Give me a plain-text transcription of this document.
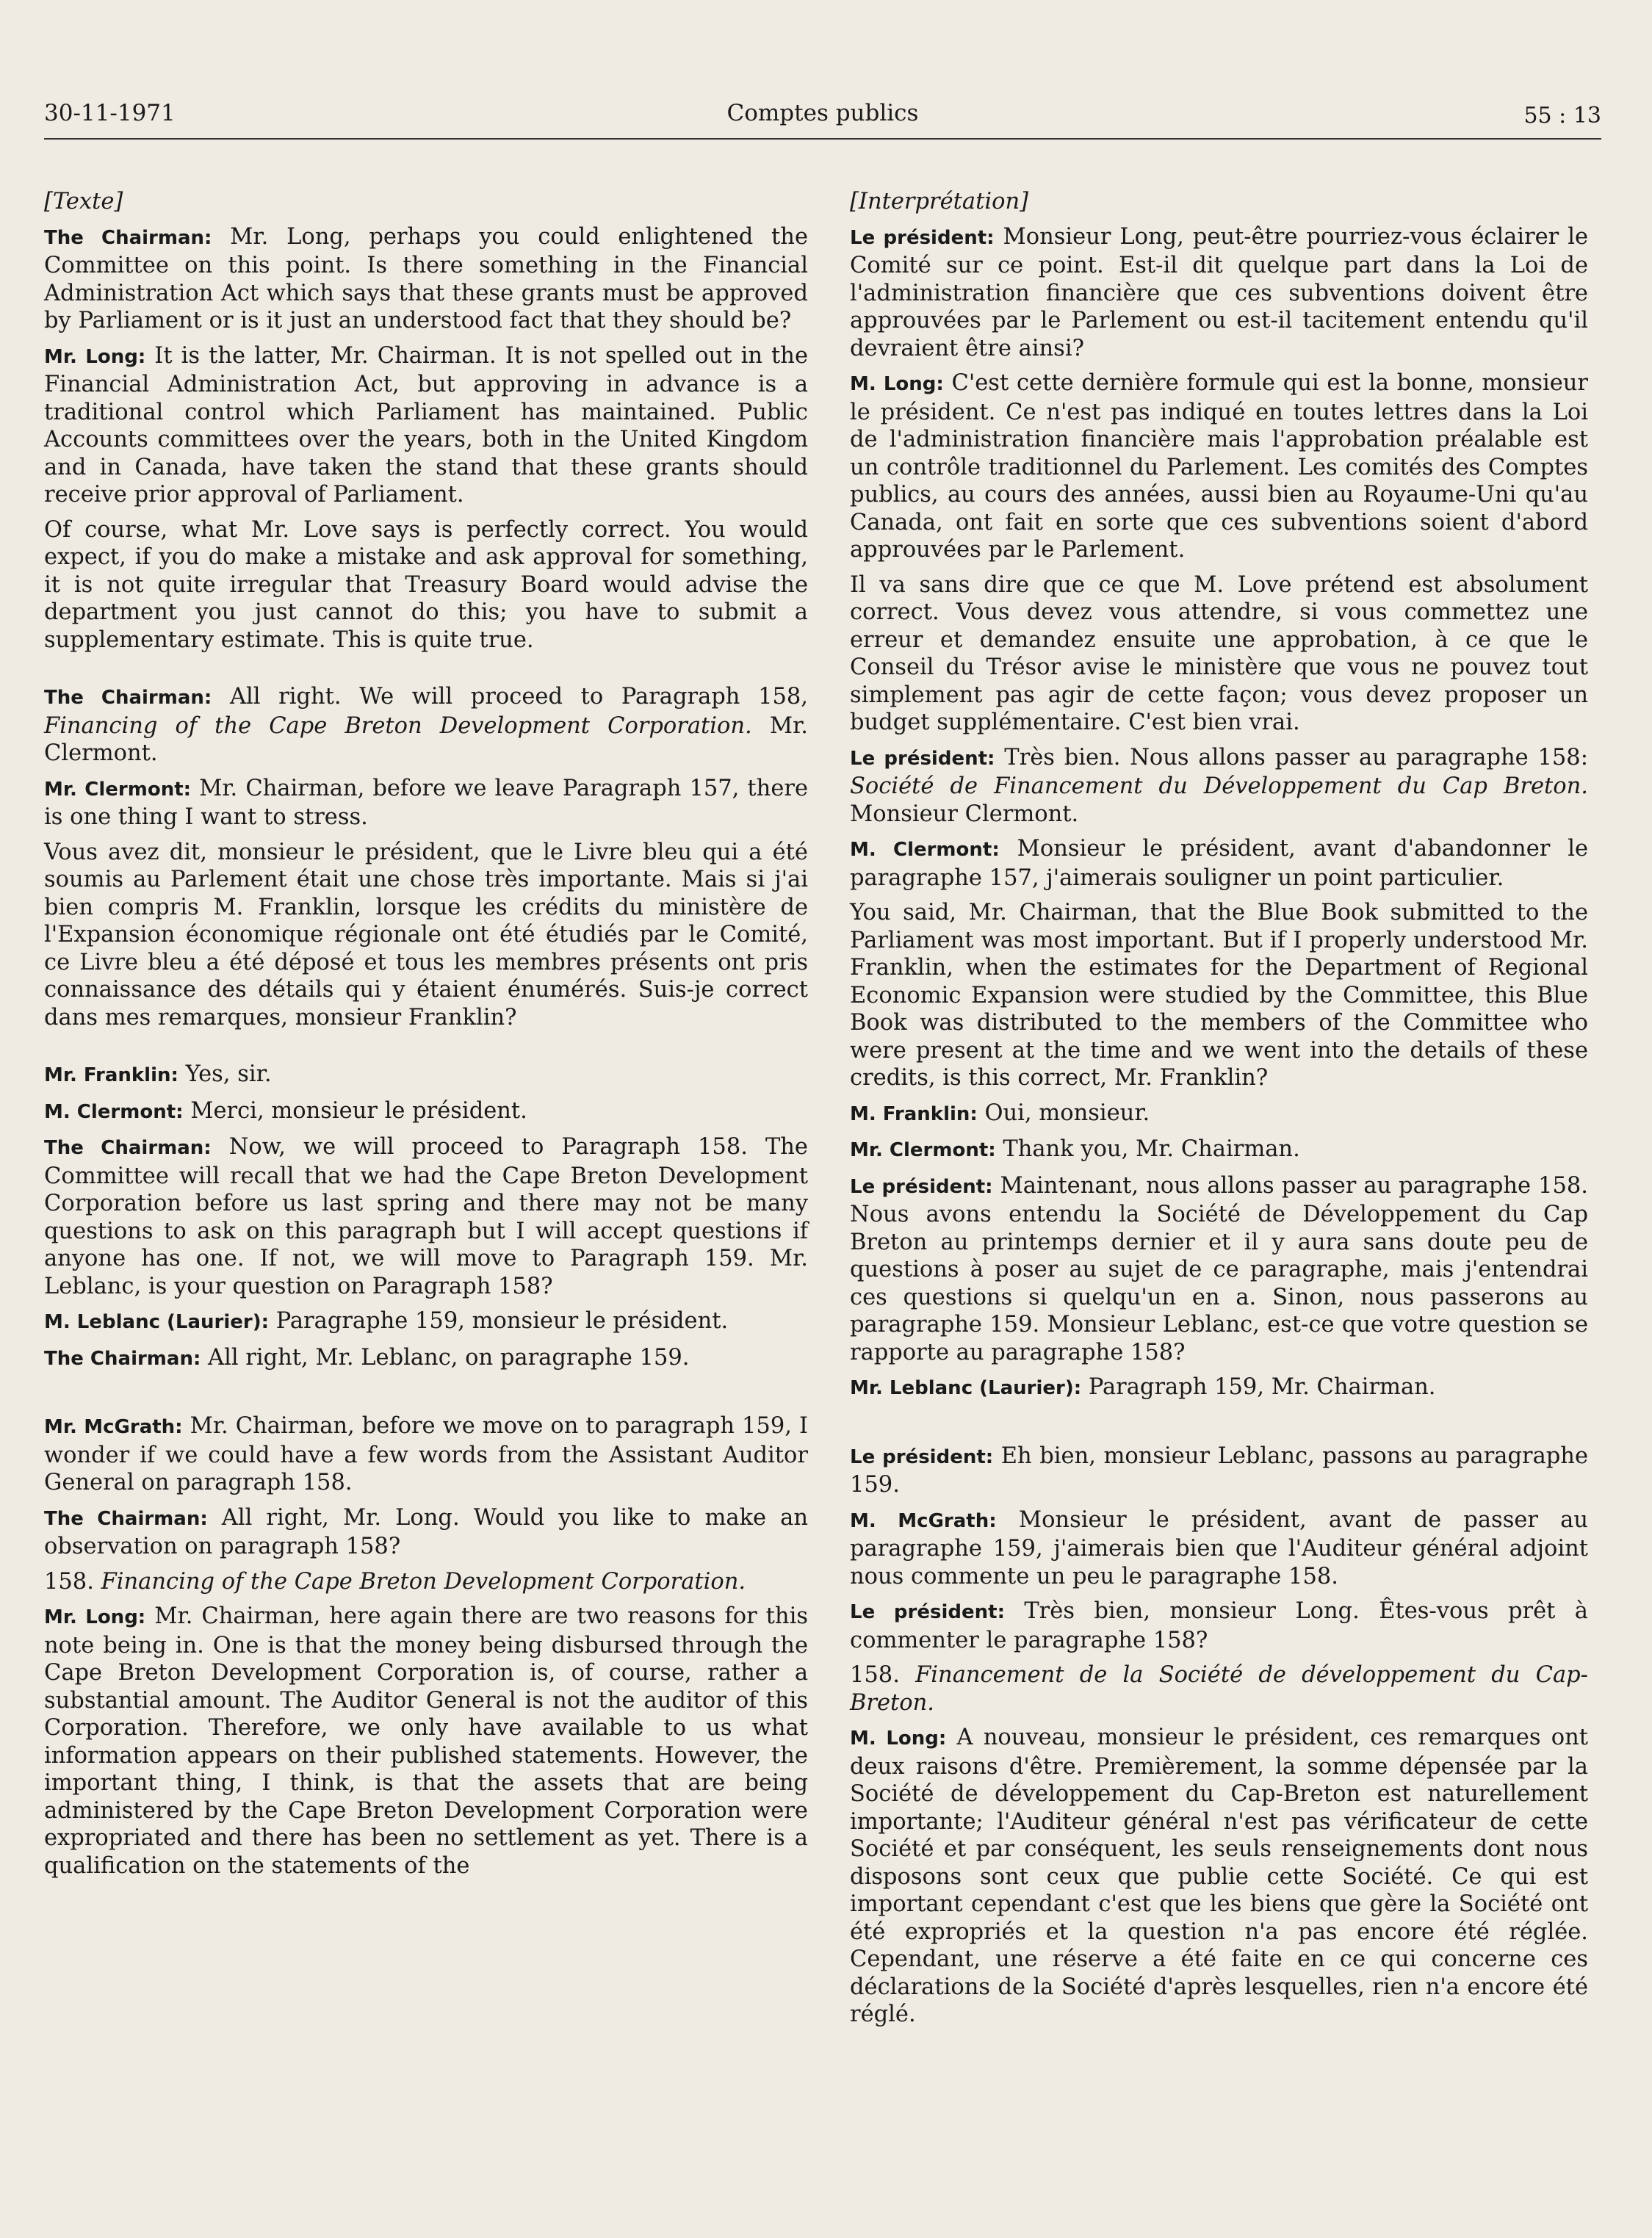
30-11-1971	Comptes publics	55 : 13

[Texte]

The Chairman: Mr. Long, perhaps you could enlightened the Committee on this point. Is there something in the Financial Administration Act which says that these grants must be approved by Parliament or is it just an understood fact that they should be?

Mr. Long: It is the latter, Mr. Chairman. It is not spelled out in the Financial Administration Act, but approving in advance is a traditional control which Parliament has maintained. Public Accounts committees over the years, both in the United Kingdom and in Canada, have taken the stand that these grants should receive prior approval of Parliament.

Of course, what Mr. Love says is perfectly correct. You would expect, if you do make a mistake and ask approval for something, it is not quite irregular that Treasury Board would advise the department you just cannot do this; you have to submit a supplementary estimate. This is quite true.

The Chairman: All right. We will proceed to Paragraph 158, Financing of the Cape Breton Development Corporation. Mr. Clermont.

Mr. Clermont: Mr. Chairman, before we leave Paragraph 157, there is one thing I want to stress.

Vous avez dit, monsieur le président, que le Livre bleu qui a été soumis au Parlement était une chose très importante. Mais si j'ai bien compris M. Franklin, lorsque les crédits du ministère de l'Expansion économique régionale ont été étudiés par le Comité, ce Livre bleu a été déposé et tous les membres présents ont pris connaissance des détails qui y étaient énumérés. Suis-je correct dans mes remarques, monsieur Franklin?

Mr. Franklin: Yes, sir.

M. Clermont: Merci, monsieur le président.

The Chairman: Now, we will proceed to Paragraph 158. The Committee will recall that we had the Cape Breton Development Corporation before us last spring and there may not be many questions to ask on this paragraph but I will accept questions if anyone has one. If not, we will move to Paragraph 159. Mr. Leblanc, is your question on Paragraph 158?

M. Leblanc (Laurier): Paragraphe 159, monsieur le président.

The Chairman: All right, Mr. Leblanc, on paragraphe 159.

Mr. McGrath: Mr. Chairman, before we move on to paragraph 159, I wonder if we could have a few words from the Assistant Auditor General on paragraph 158.

The Chairman: All right, Mr. Long. Would you like to make an observation on paragraph 158?

158. Financing of the Cape Breton Development Corporation.

Mr. Long: Mr. Chairman, here again there are two reasons for this note being in. One is that the money being disbursed through the Cape Breton Development Corporation is, of course, rather a substantial amount. The Auditor General is not the auditor of this Corporation. Therefore, we only have available to us what information appears on their published statements. However, the important thing, I think, is that the assets that are being administered by the Cape Breton Development Corporation were expropriated and there has been no settlement as yet. There is a qualification on the statements of the

[Interprétation]

Le président: Monsieur Long, peut-être pourriez-vous éclairer le Comité sur ce point. Est-il dit quelque part dans la Loi de l'administration financière que ces subventions doivent être approuvées par le Parlement ou est-il tacitement entendu qu'il devraient être ainsi?

M. Long: C'est cette dernière formule qui est la bonne, monsieur le président. Ce n'est pas indiqué en toutes lettres dans la Loi de l'administration financière mais l'approbation préalable est un contrôle traditionnel du Parlement. Les comités des Comptes publics, au cours des années, aussi bien au Royaume-Uni qu'au Canada, ont fait en sorte que ces subventions soient d'abord approuvées par le Parlement.

Il va sans dire que ce que M. Love prétend est absolument correct. Vous devez vous attendre, si vous commettez une erreur et demandez ensuite une approbation, à ce que le Conseil du Trésor avise le ministère que vous ne pouvez tout simplement pas agir de cette façon; vous devez proposer un budget supplémentaire. C'est bien vrai.

Le président: Très bien. Nous allons passer au paragraphe 158: Société de Financement du Développement du Cap Breton. Monsieur Clermont.

M. Clermont: Monsieur le président, avant d'abandonner le paragraphe 157, j'aimerais souligner un point particulier.

You said, Mr. Chairman, that the Blue Book submitted to the Parliament was most important. But if I properly understood Mr. Franklin, when the estimates for the Department of Regional Economic Expansion were studied by the Committee, this Blue Book was distributed to the members of the Committee who were present at the time and we went into the details of these credits, is this correct, Mr. Franklin?

M. Franklin: Oui, monsieur.

Mr. Clermont: Thank you, Mr. Chairman.

Le président: Maintenant, nous allons passer au paragraphe 158. Nous avons entendu la Société de Développement du Cap Breton au printemps dernier et il y aura sans doute peu de questions à poser au sujet de ce paragraphe, mais j'entendrai ces questions si quelqu'un en a. Sinon, nous passerons au paragraphe 159. Monsieur Leblanc, est-ce que votre question se rapporte au paragraphe 158?

Mr. Leblanc (Laurier): Paragraph 159, Mr. Chairman.

Le président: Eh bien, monsieur Leblanc, passons au paragraphe 159.

M. McGrath: Monsieur le président, avant de passer au paragraphe 159, j'aimerais bien que l'Auditeur général adjoint nous commente un peu le paragraphe 158.

Le président: Très bien, monsieur Long. Êtes-vous prêt à commenter le paragraphe 158?

158. Financement de la Société de développement du Cap-Breton.

M. Long: A nouveau, monsieur le président, ces remarques ont deux raisons d'être. Premièrement, la somme dépensée par la Société de développement du Cap-Breton est naturellement importante; l'Auditeur général n'est pas vérificateur de cette Société et par conséquent, les seuls renseignements dont nous disposons sont ceux que publie cette Société. Ce qui est important cependant c'est que les biens que gère la Société ont été expropriés et la question n'a pas encore été réglée. Cependant, une réserve a été faite en ce qui concerne ces déclarations de la Société d'après lesquelles, rien n'a encore été réglé.
